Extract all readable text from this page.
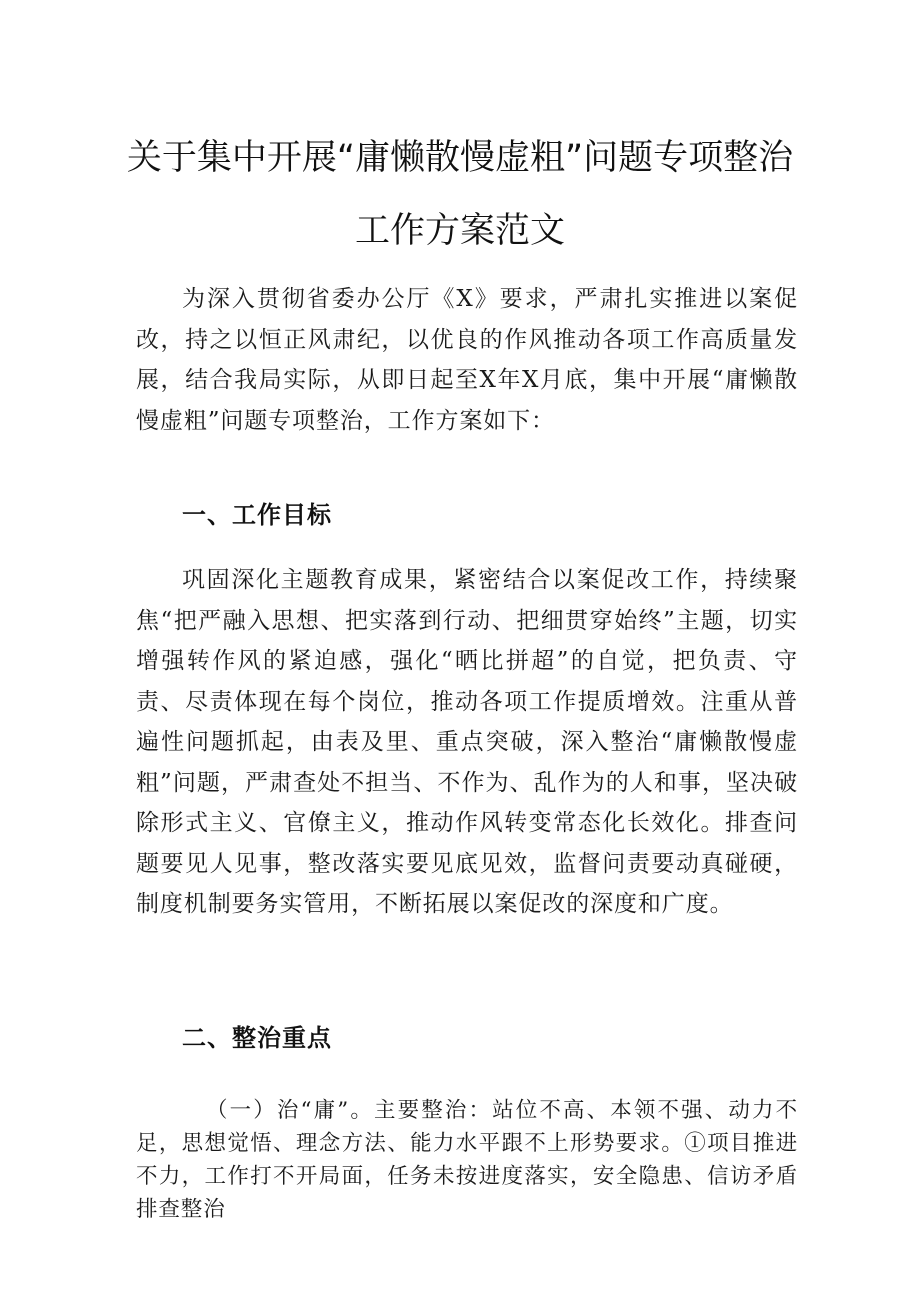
关于集中开展“庸懒散慢虚粗”问题专项整治
工作方案范文

为深入贯彻省委办公厅《X》要求，严肃扎实推进以案促改，持之以恒正风肃纪，以优良的作风推动各项工作高质量发展，结合我局实际，从即日起至X年X月底，集中开展“庸懒散慢虚粗”问题专项整治，工作方案如下：

一、工作目标

巩固深化主题教育成果，紧密结合以案促改工作，持续聚焦“把严融入思想、把实落到行动、把细贯穿始终”主题，切实增强转作风的紧迫感，强化“晒比拼超”的自觉，把负责、守责、尽责体现在每个岗位，推动各项工作提质增效。注重从普遍性问题抓起，由表及里、重点突破，深入整治“庸懒散慢虚粗”问题，严肃查处不担当、不作为、乱作为的人和事，坚决破除形式主义、官僚主义，推动作风转变常态化长效化。排查问题要见人见事，整改落实要见底见效，监督问责要动真碰硬，制度机制要务实管用，不断拓展以案促改的深度和广度。

二、整治重点

（一）治“庸”。主要整治：站位不高、本领不强、动力不足，思想觉悟、理念方法、能力水平跟不上形势要求。①项目推进不力，工作打不开局面，任务未按进度落实，安全隐患、信访矛盾排查整治
